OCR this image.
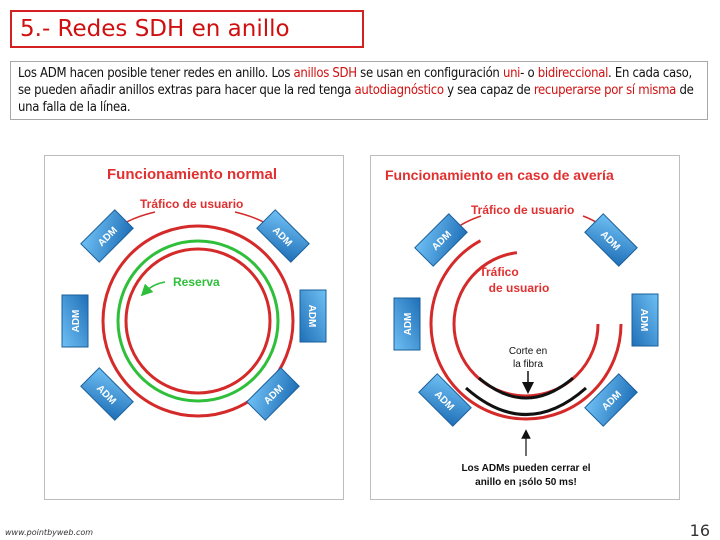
5.- Redes SDH en anillo
Los ADM hacen posible tener redes en anillo. Los anillos SDH se usan en configuración uni- o bidireccional. En cada caso, se pueden añadir anillos extras para hacer que la red tenga autodiagnóstico y sea capaz de recuperarse por sí misma de una falla de la línea.
Funcionamiento normal
Tráfico de usuario
Reserva
ADM	ADM
ADM	ADM
ADM	ADM
Funcionamiento en caso de avería
Tráfico de usuario
Tráfico
de usuario
Corte en
la fibra
ADM	ADM
ADM	ADM
ADM	ADM
Los ADMs pueden cerrar el
anillo en ¡sólo 50 ms!
www.pointbyweb.com	16
